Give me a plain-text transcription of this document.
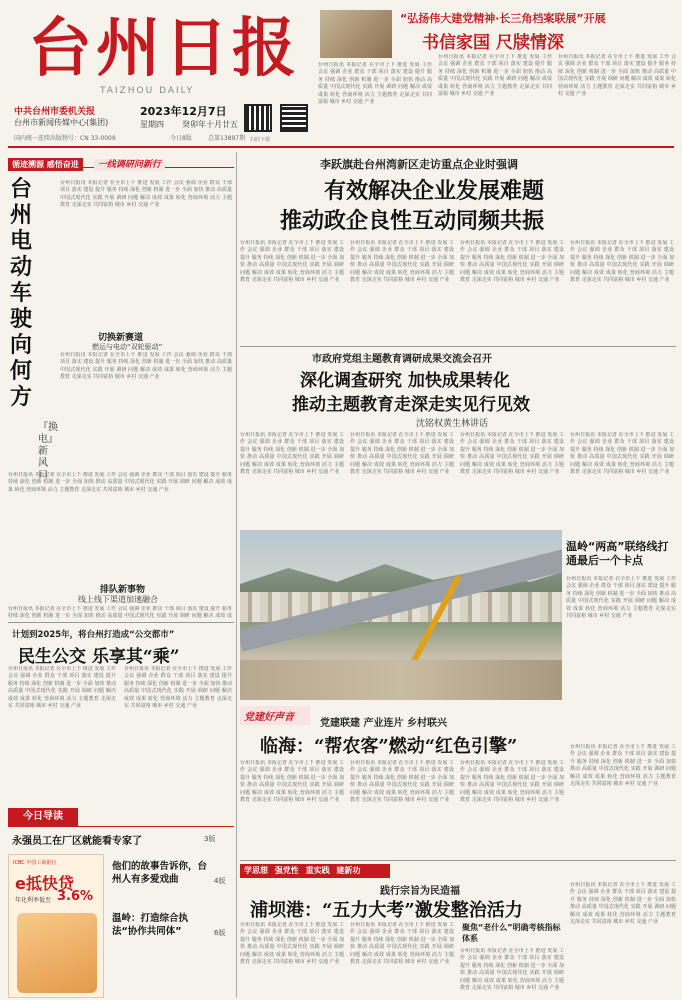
台州日报
TAIZHOU DAILY
中共台州市委机关报
台州市新闻传媒中心(集团)
2023年12月7日
星期四 癸卯年十月廿五
国内统一连续出版物号：CN 33-0009	今日8版	总第13897期 扫码下载
“弘扬伟大建党精神·长三角档案联展”开展
书信家国 尺牍情深
台州日报讯 本报记者 在全市上下 推进 发展 工作 会议 强调 企业 群众 干部 项目 落实 建设 提升 服务 持续 深化 创新 机制 进一步 全面 加快 推动 高质量 中国式现代化 实践 开展 调研 问题 解决 成效 成果 转化 营商环境 活力 主题教育 走深走实 共同富裕 城市 乡村 交通 产业
台州日报讯 本报记者 在全市上下 推进 发展 工作 会议 强调 企业 群众 干部 项目 落实 建设 提升 服务 持续 深化 创新 机制 进一步 全面 加快 推动 高质量 中国式现代化 实践 开展 调研 问题 解决 成效 成果 转化 营商环境 活力 主题教育 走深走实 共同富裕 城市 乡村 交通 产业
台州日报讯 本报记者 在全市上下 推进 发展 工作 会议 强调 企业 群众 干部 项目 落实 建设 提升 服务 持续 深化 创新 机制 进一步 全面 加快 推动 高质量 中国式现代化 实践 开展 调研 问题 解决 成效 成果 转化 营商环境 活力 主题教育 走深走实 共同富裕 城市 乡村 交通 产业
循迹溯源 感悟奋进 一线调研问新行
台州电动车驶向何方
『换电』新风口
台州日报讯 本报记者 在全市上下 推进 发展 工作 会议 强调 企业 群众 干部 项目 落实 建设 提升 服务 持续 深化 创新 机制 进一步 全面 加快 推动 高质量 中国式现代化 实践 开展 调研 问题 解决 成效 成果 转化 营商环境 活力 主题教育 走深走实 共同富裕 城市 乡村 交通 产业
切换新赛道
燃运与电动“双轮驱动”
台州日报讯 本报记者 在全市上下 推进 发展 工作 会议 强调 企业 群众 干部 项目 落实 建设 提升 服务 持续 深化 创新 机制 进一步 全面 加快 推动 高质量 中国式现代化 实践 开展 调研 问题 解决 成效 成果 转化 营商环境 活力 主题教育 走深走实 共同富裕 城市 乡村 交通 产业
台州日报讯 本报记者 在全市上下 推进 发展 工作 会议 强调 企业 群众 干部 项目 落实 建设 提升 服务 持续 深化 创新 机制 进一步 全面 加快 推动 高质量 中国式现代化 实践 开展 调研 问题 解决 成效 成果 转化 营商环境 活力 主题教育 走深走实 共同富裕 城市 乡村 交通 产业
排队新事物
线上线下渠道加速融合
台州日报讯 本报记者 在全市上下 推进 发展 工作 会议 强调 企业 群众 干部 项目 落实 建设 提升 服务 持续 深化 创新 机制 进一步 全面 加快 推动 高质量 中国式现代化 实践 开展 调研 问题 解决 成效 成果 转化 营商环境 活力 主题教育 走深走实 共同富裕 城市 乡村 交通 产业
李跃旗赴台州湾新区走访重点企业时强调
有效解决企业发展难题
推动政企良性互动同频共振
台州日报讯 本报记者 在全市上下 推进 发展 工作 会议 强调 企业 群众 干部 项目 落实 建设 提升 服务 持续 深化 创新 机制 进一步 全面 加快 推动 高质量 中国式现代化 实践 开展 调研 问题 解决 成效 成果 转化 营商环境 活力 主题教育 走深走实 共同富裕 城市 乡村 交通 产业
台州日报讯 本报记者 在全市上下 推进 发展 工作 会议 强调 企业 群众 干部 项目 落实 建设 提升 服务 持续 深化 创新 机制 进一步 全面 加快 推动 高质量 中国式现代化 实践 开展 调研 问题 解决 成效 成果 转化 营商环境 活力 主题教育 走深走实 共同富裕 城市 乡村 交通 产业
台州日报讯 本报记者 在全市上下 推进 发展 工作 会议 强调 企业 群众 干部 项目 落实 建设 提升 服务 持续 深化 创新 机制 进一步 全面 加快 推动 高质量 中国式现代化 实践 开展 调研 问题 解决 成效 成果 转化 营商环境 活力 主题教育 走深走实 共同富裕 城市 乡村 交通 产业
台州日报讯 本报记者 在全市上下 推进 发展 工作 会议 强调 企业 群众 干部 项目 落实 建设 提升 服务 持续 深化 创新 机制 进一步 全面 加快 推动 高质量 中国式现代化 实践 开展 调研 问题 解决 成效 成果 转化 营商环境 活力 主题教育 走深走实 共同富裕 城市 乡村 交通 产业
市政府党组主题教育调研成果交流会召开
深化调查研究 加快成果转化
推动主题教育走深走实见行见效
沈铭权黄生林讲话
台州日报讯 本报记者 在全市上下 推进 发展 工作 会议 强调 企业 群众 干部 项目 落实 建设 提升 服务 持续 深化 创新 机制 进一步 全面 加快 推动 高质量 中国式现代化 实践 开展 调研 问题 解决 成效 成果 转化 营商环境 活力 主题教育 走深走实 共同富裕 城市 乡村 交通 产业
台州日报讯 本报记者 在全市上下 推进 发展 工作 会议 强调 企业 群众 干部 项目 落实 建设 提升 服务 持续 深化 创新 机制 进一步 全面 加快 推动 高质量 中国式现代化 实践 开展 调研 问题 解决 成效 成果 转化 营商环境 活力 主题教育 走深走实 共同富裕 城市 乡村 交通 产业
台州日报讯 本报记者 在全市上下 推进 发展 工作 会议 强调 企业 群众 干部 项目 落实 建设 提升 服务 持续 深化 创新 机制 进一步 全面 加快 推动 高质量 中国式现代化 实践 开展 调研 问题 解决 成效 成果 转化 营商环境 活力 主题教育 走深走实 共同富裕 城市 乡村 交通 产业
台州日报讯 本报记者 在全市上下 推进 发展 工作 会议 强调 企业 群众 干部 项目 落实 建设 提升 服务 持续 深化 创新 机制 进一步 全面 加快 推动 高质量 中国式现代化 实践 开展 调研 问题 解决 成效 成果 转化 营商环境 活力 主题教育 走深走实 共同富裕 城市 乡村 交通 产业
温岭“两高”联络线打通最后一个卡点
台州日报讯 本报记者 在全市上下 推进 发展 工作 会议 强调 企业 群众 干部 项目 落实 建设 提升 服务 持续 深化 创新 机制 进一步 全面 加快 推动 高质量 中国式现代化 实践 开展 调研 问题 解决 成效 成果 转化 营商环境 活力 主题教育 走深走实 共同富裕 城市 乡村 交通 产业
计划到2025年，将台州打造成“公交都市”
民生公交 乐享其“乘”
台州日报讯 本报记者 在全市上下 推进 发展 工作 会议 强调 企业 群众 干部 项目 落实 建设 提升 服务 持续 深化 创新 机制 进一步 全面 加快 推动 高质量 中国式现代化 实践 开展 调研 问题 解决 成效 成果 转化 营商环境 活力 主题教育 走深走实 共同富裕 城市 乡村 交通 产业
台州日报讯 本报记者 在全市上下 推进 发展 工作 会议 强调 企业 群众 干部 项目 落实 建设 提升 服务 持续 深化 创新 机制 进一步 全面 加快 推动 高质量 中国式现代化 实践 开展 调研 问题 解决 成效 成果 转化 营商环境 活力 主题教育 走深走实 共同富裕 城市 乡村 交通 产业
党建好声音
党建联建 产业连片 乡村联兴
临海：“帮农客”燃动“红色引擎”
台州日报讯 本报记者 在全市上下 推进 发展 工作 会议 强调 企业 群众 干部 项目 落实 建设 提升 服务 持续 深化 创新 机制 进一步 全面 加快 推动 高质量 中国式现代化 实践 开展 调研 问题 解决 成效 成果 转化 营商环境 活力 主题教育 走深走实 共同富裕 城市 乡村 交通 产业
台州日报讯 本报记者 在全市上下 推进 发展 工作 会议 强调 企业 群众 干部 项目 落实 建设 提升 服务 持续 深化 创新 机制 进一步 全面 加快 推动 高质量 中国式现代化 实践 开展 调研 问题 解决 成效 成果 转化 营商环境 活力 主题教育 走深走实 共同富裕 城市 乡村 交通 产业
台州日报讯 本报记者 在全市上下 推进 发展 工作 会议 强调 企业 群众 干部 项目 落实 建设 提升 服务 持续 深化 创新 机制 进一步 全面 加快 推动 高质量 中国式现代化 实践 开展 调研 问题 解决 成效 成果 转化 营商环境 活力 主题教育 走深走实 共同富裕 城市 乡村 交通 产业
台州日报讯 本报记者 在全市上下 推进 发展 工作 会议 强调 企业 群众 干部 项目 落实 建设 提升 服务 持续 深化 创新 机制 进一步 全面 加快 推动 高质量 中国式现代化 实践 开展 调研 问题 解决 成效 成果 转化 营商环境 活力 主题教育 走深走实 共同富裕 城市 乡村 交通 产业
学思想 强党性 重实践 建新功
践行宗旨为民造福
浦坝港：“五力大考”激发整治活力
台州日报讯 本报记者 在全市上下 推进 发展 工作 会议 强调 企业 群众 干部 项目 落实 建设 提升 服务 持续 深化 创新 机制 进一步 全面 加快 推动 高质量 中国式现代化 实践 开展 调研 问题 解决 成效 成果 转化 营商环境 活力 主题教育 走深走实 共同富裕 城市 乡村 交通 产业
台州日报讯 本报记者 在全市上下 推进 发展 工作 会议 强调 企业 群众 干部 项目 落实 建设 提升 服务 持续 深化 创新 机制 进一步 全面 加快 推动 高质量 中国式现代化 实践 开展 调研 问题 解决 成效 成果 转化 营商环境 活力 主题教育 走深走实 共同富裕 城市 乡村 交通 产业
聚焦“老什么”明确考核指标体系
台州日报讯 本报记者 在全市上下 推进 发展 工作 会议 强调 企业 群众 干部 项目 落实 建设 提升 服务 持续 深化 创新 机制 进一步 全面 加快 推动 高质量 中国式现代化 实践 开展 调研 问题 解决 成效 成果 转化 营商环境 活力 主题教育 走深走实 共同富裕 城市 乡村 交通 产业
台州日报讯 本报记者 在全市上下 推进 发展 工作 会议 强调 企业 群众 干部 项目 落实 建设 提升 服务 持续 深化 创新 机制 进一步 全面 加快 推动 高质量 中国式现代化 实践 开展 调研 问题 解决 成效 成果 转化 营商环境 活力 主题教育 走深走实 共同富裕 城市 乡村 交通 产业
今日导读
永强员工在厂区就能看专家了	3版
ICBC 中国工商银行
e抵快贷
年化利率低至 3.6%
他们的故事告诉你，台州人有多爱戏曲	4版
温岭：打造综合执法“协作共同体”	6版
